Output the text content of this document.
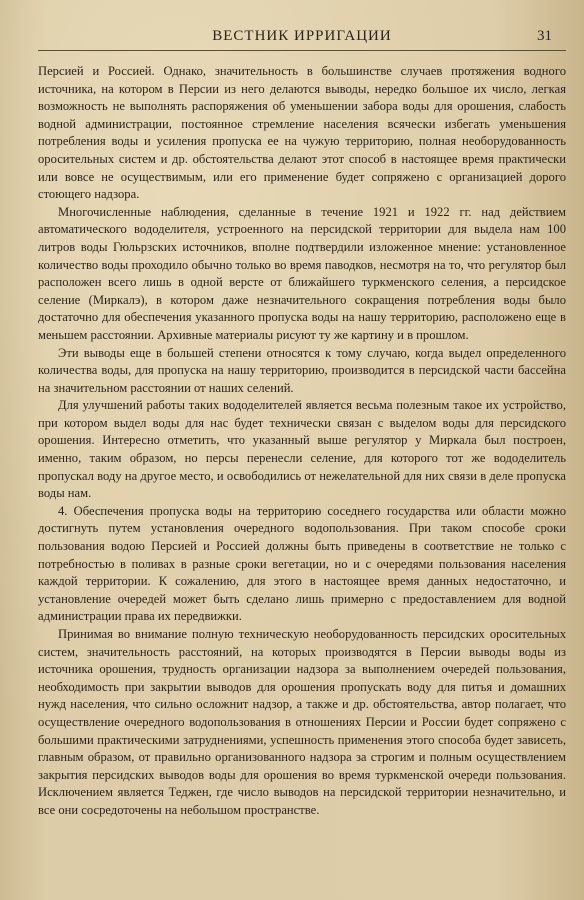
ВЕСТНИК ИРРИГАЦИИ	31

Персией и Россией. Однако, значительность в большинстве случаев протяжения водного источника, на котором в Персии из него делаются выводы, нередко большое их число, легкая возможность не выполнять распоряжения об уменьшении забора воды для орошения, слабость водной администрации, постоянное стремление населения всячески избегать уменьшения потребления воды и усиления пропуска ее на чужую территорию, полная необорудованность оросительных систем и др. обстоятельства делают этот способ в настоящее время практически или вовсе не осуществимым, или его применение будет сопряжено с организацией дорого стоющего надзора.

Многочисленные наблюдения, сделанные в течение 1921 и 1922 гг. над действием автоматического вододелителя, устроенного на персидской территории для выдела нам 100 литров воды Гюльрзских источников, вполне подтвердили изложенное мнение: установленное количество воды проходило обычно только во время паводков, несмотря на то, что регулятор был расположен всего лишь в одной версте от ближайшего туркменского селения, а персидское селение (Миркалэ), в котором даже незначительного сокращения потребления воды было достаточно для обеспечения указанного пропуска воды на нашу территорию, расположено еще в меньшем расстоянии. Архивные материалы рисуют ту же картину и в прошлом.

Эти выводы еще в большей степени относятся к тому случаю, когда выдел определенного количества воды, для пропуска на нашу территорию, производится в персидской части бассейна на значительном расстоянии от наших селений.

Для улучшений работы таких вододелителей является весьма полезным такое их устройство, при котором выдел воды для нас будет технически связан с выделом воды для персидского орошения. Интересно отметить, что указанный выше регулятор у Миркала был построен, именно, таким образом, но персы перенесли селение, для которого тот же вододелитель пропускал воду на другое место, и освободились от нежелательной для них связи в деле пропуска воды нам.

4. Обеспечения пропуска воды на территорию соседнего государства или области можно достигнуть путем установления очередного водопользования. При таком способе сроки пользования водою Персией и Россией должны быть приведены в соответствие не только с потребностью в поливах в разные сроки вегетации, но и с очередями пользования населения каждой территории. К сожалению, для этого в настоящее время данных недостаточно, и установление очередей может быть сделано лишь примерно с предоставлением для водной администрации права их передвижки.

Принимая во внимание полную техническую необорудованность персидских оросительных систем, значительность расстояний, на которых производятся в Персии выводы воды из источника орошения, трудность организации надзора за выполнением очередей пользования, необходимость при закрытии выводов для орошения пропускать воду для питья и домашних нужд населения, что сильно осложнит надзор, а также и др. обстоятельства, автор полагает, что осуществление очередного водопользования в отношениях Персии и России будет сопряжено с большими практическими затруднениями, успешность применения этого способа будет зависеть, главным образом, от правильно организованного надзора за строгим и полным осуществлением закрытия персидских выводов воды для орошения во время туркменской очереди пользования. Исключением является Теджен, где число выводов на персидской территории незначительно, и все они сосредоточены на небольшом пространстве.
